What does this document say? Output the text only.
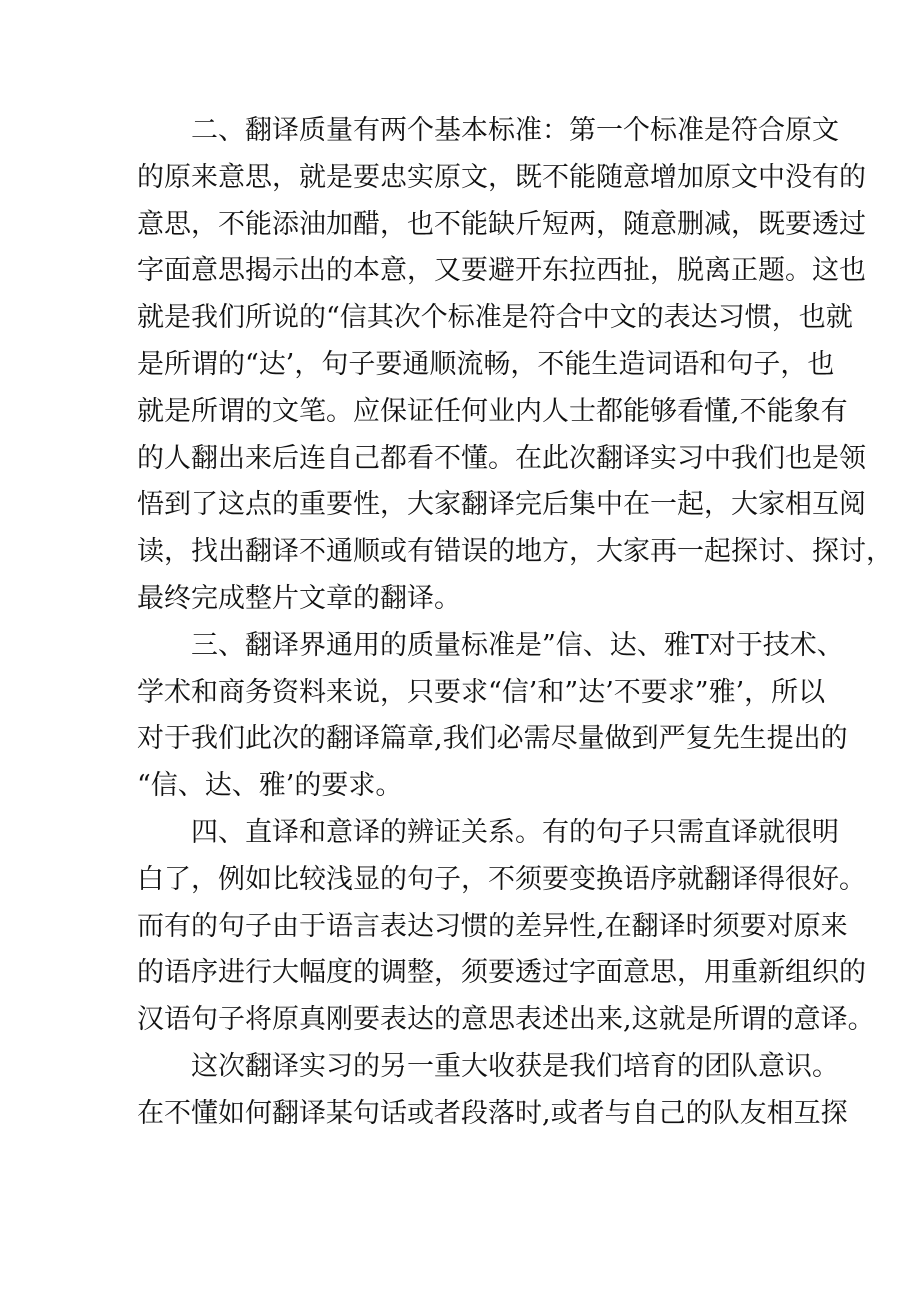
二、翻译质量有两个基本标准：第一个标准是符合原文
的原来意思，就是要忠实原文，既不能随意增加原文中没有的
意思，不能添油加醋，也不能缺斤短两，随意删减，既要透过
字面意思揭示出的本意，又要避开东拉西扯，脱离正题。这也
就是我们所说的“信其次个标准是符合中文的表达习惯，也就
是所谓的“达’，句子要通顺流畅，不能生造词语和句子，也
就是所谓的文笔。应保证任何业内人士都能够看懂,不能象有
的人翻出来后连自己都看不懂。在此次翻译实习中我们也是领
悟到了这点的重要性，大家翻译完后集中在一起，大家相互阅
读，找出翻译不通顺或有错误的地方，大家再一起探讨、探讨，
最终完成整片文章的翻译。
三、翻译界通用的质量标准是”信、达、雅T对于技术、
学术和商务资料来说，只要求“信’和”达’不要求”雅’，所以
对于我们此次的翻译篇章,我们必需尽量做到严复先生提出的
“信、达、雅’的要求。
四、直译和意译的辨证关系。有的句子只需直译就很明
白了，例如比较浅显的句子，不须要变换语序就翻译得很好。
而有的句子由于语言表达习惯的差异性,在翻译时须要对原来
的语序进行大幅度的调整，须要透过字面意思，用重新组织的
汉语句子将原真刚要表达的意思表述出来,这就是所谓的意译。
这次翻译实习的另一重大收获是我们培育的团队意识。
在不懂如何翻译某句话或者段落时,或者与自己的队友相互探
